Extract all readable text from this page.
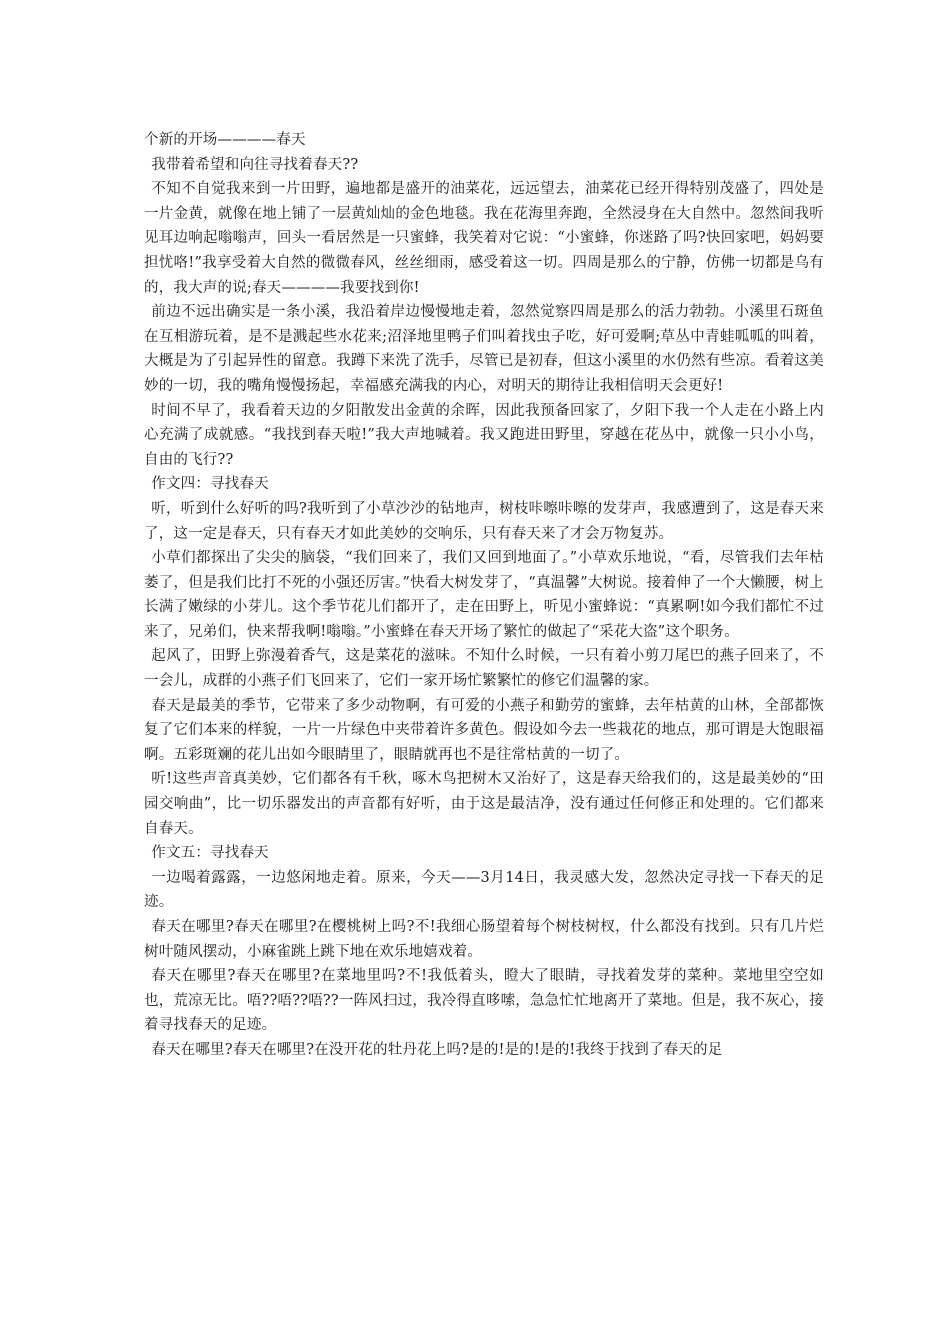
个新的开场————春天

我带着希望和向往寻找着春天??

不知不自觉我来到一片田野，遍地都是盛开的油菜花，远远望去，油菜花已经开得特别茂盛了，四处是一片金黄，就像在地上铺了一层黄灿灿的金色地毯。我在花海里奔跑，全然浸身在大自然中。忽然间我听见耳边响起嗡嗡声，回头一看居然是一只蜜蜂，我笑着对它说：“小蜜蜂，你迷路了吗?快回家吧，妈妈要担忧咯!”我享受着大自然的微微春风，丝丝细雨，感受着这一切。四周是那么的宁静，仿佛一切都是乌有的，我大声的说;春天————我要找到你!

前边不远出确实是一条小溪，我沿着岸边慢慢地走着，忽然觉察四周是那么的活力勃勃。小溪里石斑鱼在互相游玩着，是不是溅起些水花来;沼泽地里鸭子们叫着找虫子吃，好可爱啊;草丛中青蛙呱呱的叫着，大概是为了引起异性的留意。我蹲下来洗了洗手，尽管已是初春，但这小溪里的水仍然有些凉。看着这美妙的一切，我的嘴角慢慢扬起，幸福感充满我的内心，对明天的期待让我相信明天会更好!

时间不早了，我看着天边的夕阳散发出金黄的余晖，因此我预备回家了，夕阳下我一个人走在小路上内心充满了成就感。“我找到春天啦!”我大声地喊着。我又跑进田野里，穿越在花丛中，就像一只小小鸟，自由的飞行??

作文四：寻找春天

听，听到什么好听的吗?我听到了小草沙沙的钻地声，树枝咔嚓咔嚓的发芽声，我感遭到了，这是春天来了，这一定是春天，只有春天才如此美妙的交响乐，只有春天来了才会万物复苏。

小草们都探出了尖尖的脑袋，“我们回来了，我们又回到地面了。”小草欢乐地说，“看，尽管我们去年枯萎了，但是我们比打不死的小强还厉害。”快看大树发芽了，“真温馨”大树说。接着伸了一个大懒腰，树上长满了嫩绿的小芽儿。这个季节花儿们都开了，走在田野上，听见小蜜蜂说：“真累啊!如今我们都忙不过来了，兄弟们，快来帮我啊!嗡嗡。”小蜜蜂在春天开场了繁忙的做起了“采花大盗”这个职务。

起风了，田野上弥漫着香气，这是菜花的滋味。不知什么时候，一只有着小剪刀尾巴的燕子回来了，不一会儿，成群的小燕子们飞回来了，它们一家开场忙繁繁忙的修它们温馨的家。

春天是最美的季节，它带来了多少动物啊，有可爱的小燕子和勤劳的蜜蜂，去年枯黄的山林，全部都恢复了它们本来的样貌，一片一片绿色中夹带着许多黄色。假设如今去一些栽花的地点，那可谓是大饱眼福啊。五彩斑斓的花儿出如今眼睛里了，眼睛就再也不是往常枯黄的一切了。

听!这些声音真美妙，它们都各有千秋，啄木鸟把树木又治好了，这是春天给我们的，这是最美妙的“田园交响曲”，比一切乐器发出的声音都有好听，由于这是最洁净，没有通过任何修正和处理的。它们都来自春天。

作文五：寻找春天

一边喝着露露，一边悠闲地走着。原来，今天——3月14日，我灵感大发，忽然决定寻找一下春天的足迹。

春天在哪里?春天在哪里?在樱桃树上吗?不!我细心肠望着每个树枝树杈，什么都没有找到。只有几片烂树叶随风摆动，小麻雀跳上跳下地在欢乐地嬉戏着。

春天在哪里?春天在哪里?在菜地里吗?不!我低着头，瞪大了眼睛，寻找着发芽的菜种。菜地里空空如也，荒凉无比。唔??唔??唔??一阵风扫过，我冷得直哆嗦，急急忙忙地离开了菜地。但是，我不灰心，接着寻找春天的足迹。

春天在哪里?春天在哪里?在没开花的牡丹花上吗?是的!是的!是的!我终于找到了春天的足
